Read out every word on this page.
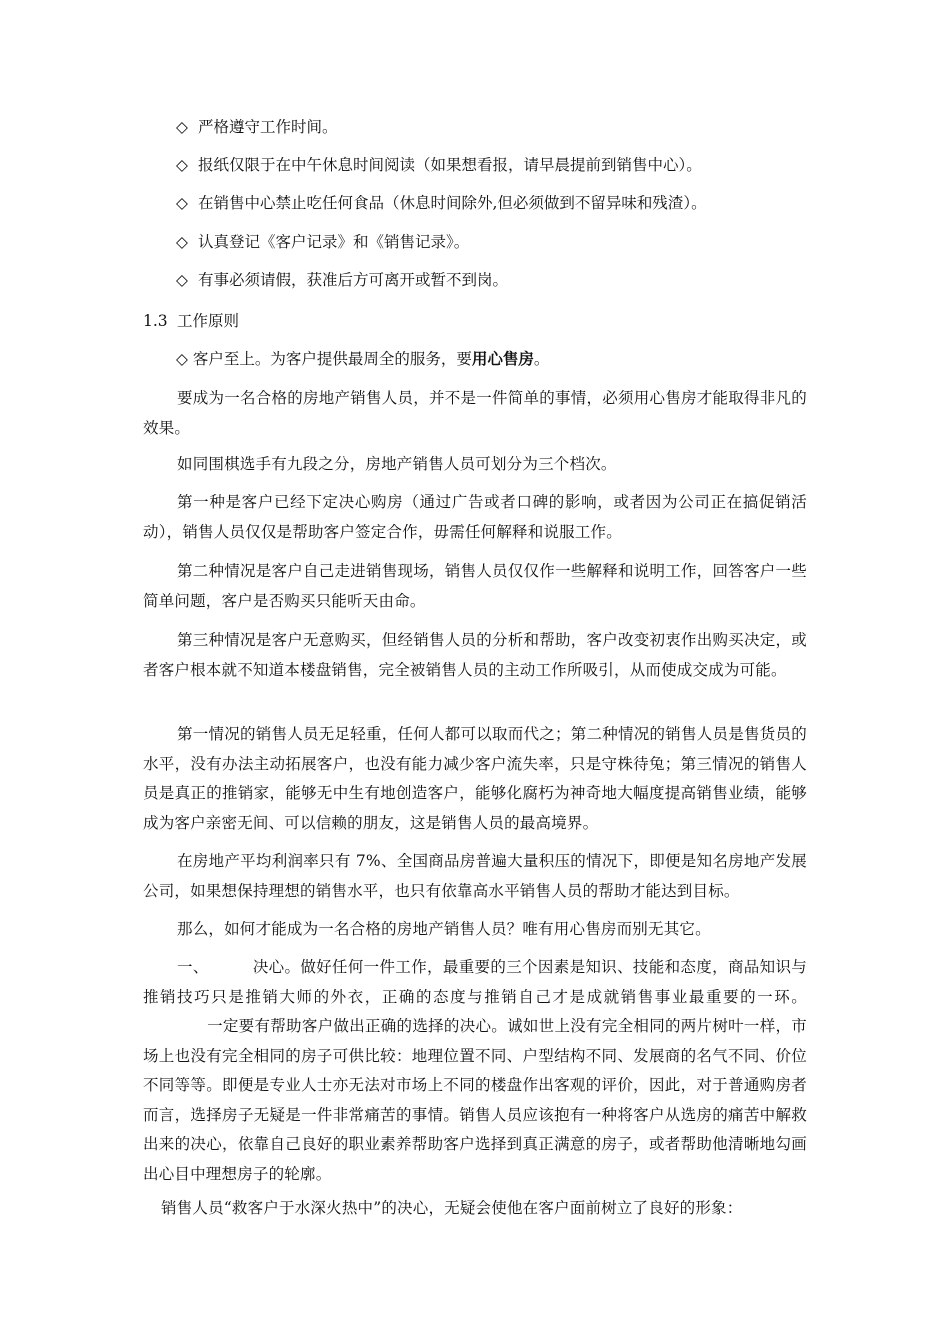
◇ 严格遵守工作时间。
◇ 报纸仅限于在中午休息时间阅读（如果想看报，请早晨提前到销售中心）。
◇ 在销售中心禁止吃任何食品（休息时间除外,但必须做到不留异味和残渣）。
◇ 认真登记《客户记录》和《销售记录》。
◇ 有事必须请假，获准后方可离开或暂不到岗。
1.3 工作原则
◇ 客户至上。为客户提供最周全的服务，要用心售房。

要成为一名合格的房地产销售人员，并不是一件简单的事情，必须用心售房才能取得非凡的效果。

如同围棋选手有九段之分，房地产销售人员可划分为三个档次。

第一种是客户已经下定决心购房（通过广告或者口碑的影响，或者因为公司正在搞促销活动），销售人员仅仅是帮助客户签定合作，毋需任何解释和说服工作。

第二种情况是客户自己走进销售现场，销售人员仅仅作一些解释和说明工作，回答客户一些简单问题，客户是否购买只能听天由命。

第三种情况是客户无意购买，但经销售人员的分析和帮助，客户改变初衷作出购买决定，或者客户根本就不知道本楼盘销售，完全被销售人员的主动工作所吸引，从而使成交成为可能。

第一情况的销售人员无足轻重，任何人都可以取而代之；第二种情况的销售人员是售货员的水平，没有办法主动拓展客户，也没有能力减少客户流失率，只是守株待兔；第三情况的销售人员是真正的推销家，能够无中生有地创造客户，能够化腐朽为神奇地大幅度提高销售业绩，能够成为客户亲密无间、可以信赖的朋友，这是销售人员的最高境界。

在房地产平均利润率只有 7%、全国商品房普遍大量积压的情况下，即便是知名房地产发展公司，如果想保持理想的销售水平，也只有依靠高水平销售人员的帮助才能达到目标。

那么，如何才能成为一名合格的房地产销售人员？唯有用心售房而别无其它。

一、	决心。做好任何一件工作，最重要的三个因素是知识、技能和态度，商品知识与推销技巧只是推销大师的外衣，正确的态度与推销自己才是成就销售事业最重要的一环。一定要有帮助客户做出正确的选择的决心。诚如世上没有完全相同的两片树叶一样，市场上也没有完全相同的房子可供比较：地理位置不同、户型结构不同、发展商的名气不同、价位不同等等。即便是专业人士亦无法对市场上不同的楼盘作出客观的评价，因此，对于普通购房者而言，选择房子无疑是一件非常痛苦的事情。销售人员应该抱有一种将客户从选房的痛苦中解救出来的决心，依靠自己良好的职业素养帮助客户选择到真正满意的房子，或者帮助他清晰地勾画出心目中理想房子的轮廓。

销售人员“救客户于水深火热中”的决心，无疑会使他在客户面前树立了良好的形象：
